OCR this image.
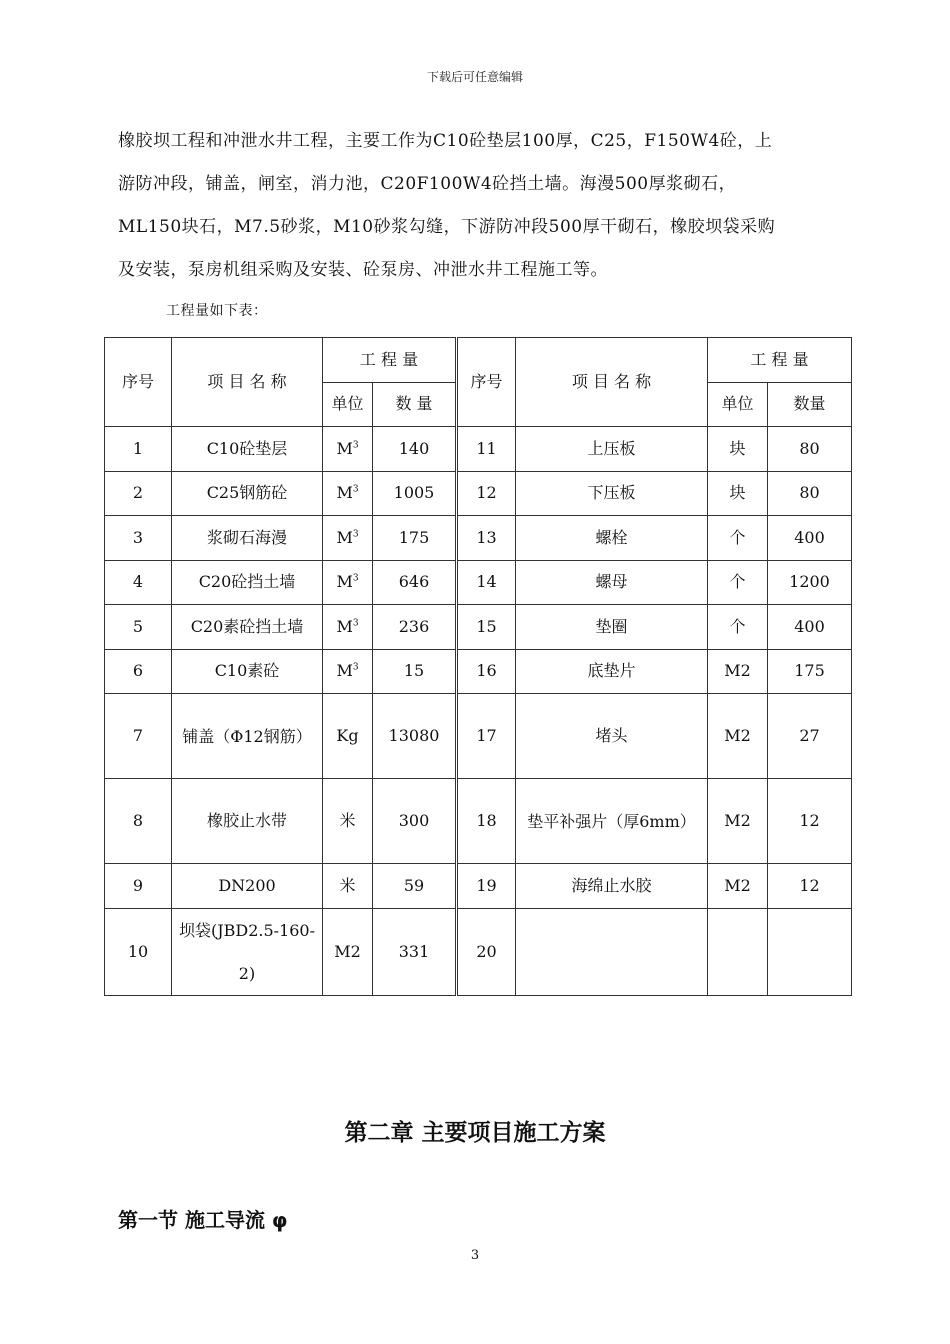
下载后可任意编辑

橡胶坝工程和冲泄水井工程，主要工作为C10砼垫层100厚，C25，F150W4砼，上

游防冲段，铺盖，闸室，消力池，C20F100W4砼挡土墙。海漫500厚浆砌石，

ML150块石，M7.5砂浆，M10砂浆勾缝，下游防冲段500厚干砌石，橡胶坝袋采购

及安装，泵房机组采购及安装、砼泵房、冲泄水井工程施工等。

工程量如下表：
序号	项 目 名 称	工 程 量		序号	项 目 名 称	工 程 量	
		单位	数 量			单位	数量
1	C10砼垫层	$M^3$	140	11	上压板	块	80
2	C25钢筋砼	$M^3$	1005	12	下压板	块	80
3	浆砌石海漫	$M^3$	175	13	螺栓	个	400
4	C20砼挡土墙	$M^3$	646	14	螺母	个	1200
5	C20素砼挡土墙	$M^3$	236	15	垫圈	个	400
6	C10素砼	$M^3$	15	16	底垫片	M2	175
7	铺盖（Φ12钢筋）	Kg	13080	17	堵头	M2	27
8	橡胶止水带	米	300	18	垫平补强片（厚6mm）	M2	12
9	DN200	米	59	19	海绵止水胶	M2	12
10	坝袋(JBD2.5-160-2)	M2	331	20			
第二章 主要项目施工方案
第一节 施工导流 φ
3
